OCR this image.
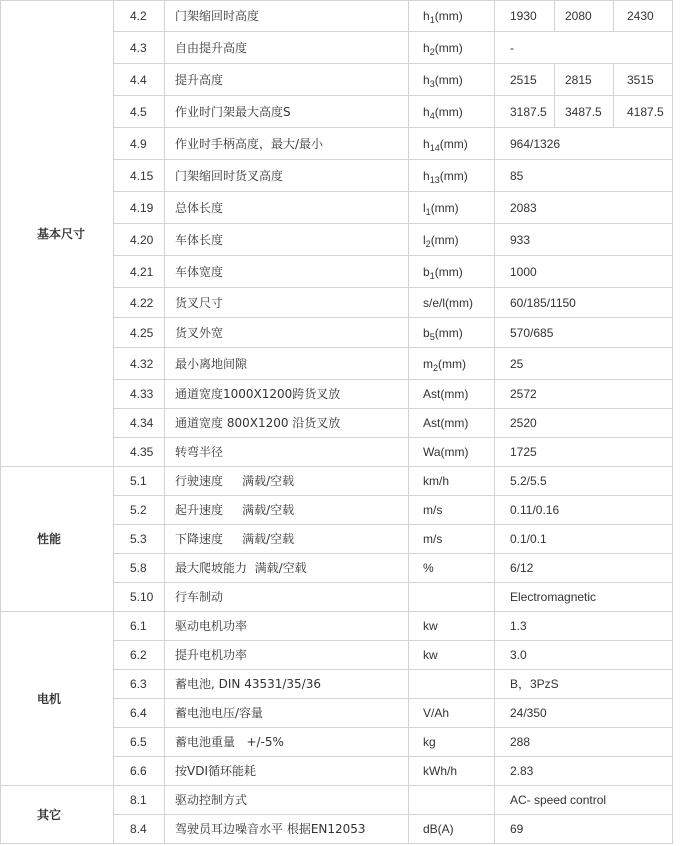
基本尺寸	4.2	门架缩回时高度	$h_1(mm)$	1930	2080	2430
	4.3	自由提升高度	$h_2(mm)$	-		
	4.4	提升高度	$h_3(mm)$	2515	2815	3515
	4.5	作业时门架最大高度S	$h_4(mm)$	3187.5	3487.5	4187.5
	4.9	作业时手柄高度，最大/最小	$h_{14}(mm)$	964/1326		
	4.15	门架缩回时货叉高度	$h_{13}(mm)$	85		
	4.19	总体长度	$l_1(mm)$	2083		
	4.20	车体长度	$l_2(mm)$	933		
	4.21	车体宽度	$b_1(mm)$	1000		
	4.22	货叉尺寸	s/e/l(mm)	60/185/1150		
	4.25	货叉外宽	$b_5(mm)$	570/685		
	4.32	最小离地间隙	$m_2(mm)$	25		
	4.33	通道宽度1000X1200跨货叉放	Ast(mm)	2572		
	4.34	通道宽度 800X1200 沿货叉放	Ast(mm)	2520		
	4.35	转弯半径	Wa(mm)	1725		
性能	5.1	行驶速度     满载/空载	km/h	5.2/5.5		
	5.2	起升速度     满载/空载	m/s	0.11/0.16		
	5.3	下降速度     满载/空载	m/s	0.1/0.1		
	5.8	最大爬坡能力  满载/空载	%	6/12		
	5.10	行车制动		Electromagnetic		
电机	6.1	驱动电机功率	kw	1.3		
	6.2	提升电机功率	kw	3.0		
	6.3	蓄电池, DIN 43531/35/36		B，3PzS		
	6.4	蓄电池电压/容量	V/Ah	24/350		
	6.5	蓄电池重量   +/-5%	kg	288		
	6.6	按VDI循环能耗	kWh/h	2.83		
其它	8.1	驱动控制方式		AC- speed control		
	8.4	驾驶员耳边噪音水平 根据EN12053	dB(A)	69		
